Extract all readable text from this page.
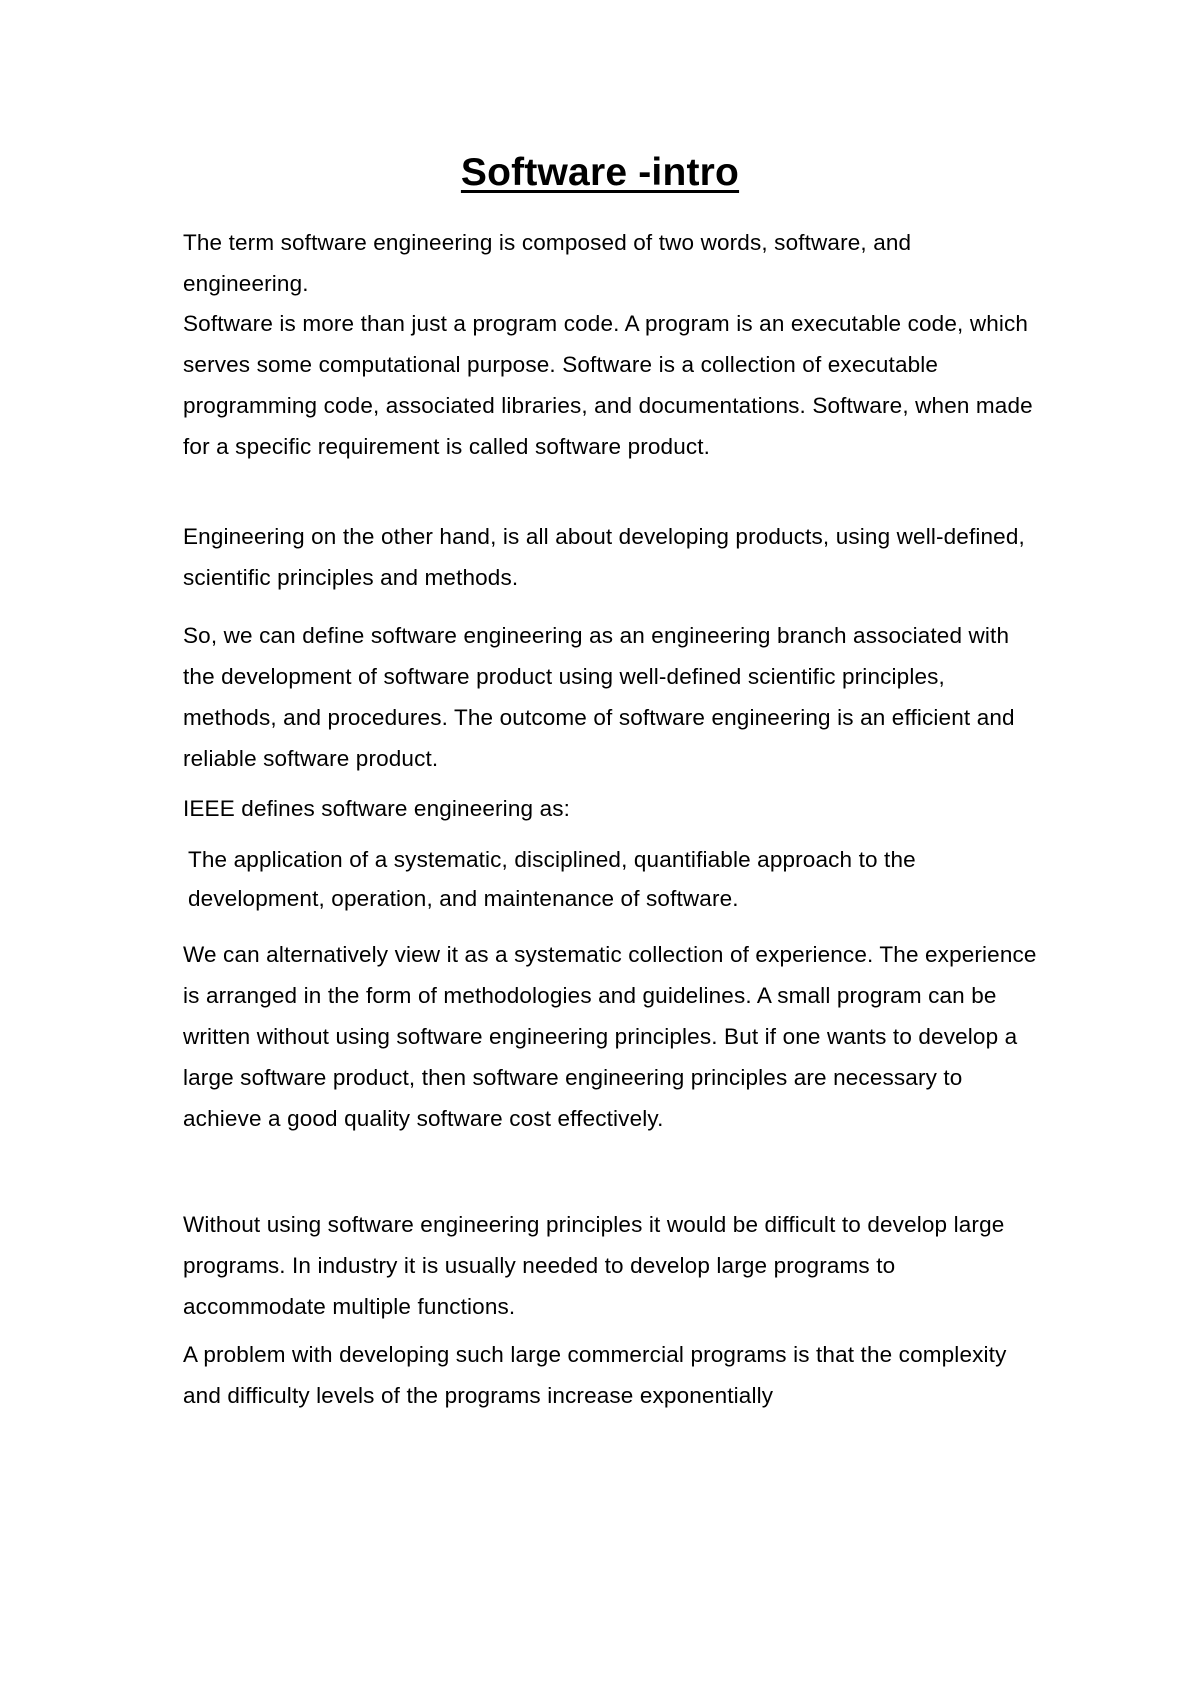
Software -intro

The term software engineering is composed of two words, software, and engineering.

Software is more than just a program code. A program is an executable code, which serves some computational purpose. Software is a collection of executable programming code, associated libraries, and documentations. Software, when made for a specific requirement is called software product.

Engineering on the other hand, is all about developing products, using well-defined, scientific principles and methods.

So, we can define software engineering as an engineering branch associated with the development of software product using well-defined scientific principles, methods, and procedures. The outcome of software engineering is an efficient and reliable software product.

IEEE defines software engineering as:

The application of a systematic, disciplined, quantifiable approach to the development, operation, and maintenance of software.

We can alternatively view it as a systematic collection of experience. The experience is arranged in the form of methodologies and guidelines. A small program can be written without using software engineering principles. But if one wants to develop a large software product, then software engineering principles are necessary to achieve a good quality software cost effectively.

Without using software engineering principles it would be difficult to develop large programs. In industry it is usually needed to develop large programs to accommodate multiple functions.

A problem with developing such large commercial programs is that the complexity and difficulty levels of the programs increase exponentially
